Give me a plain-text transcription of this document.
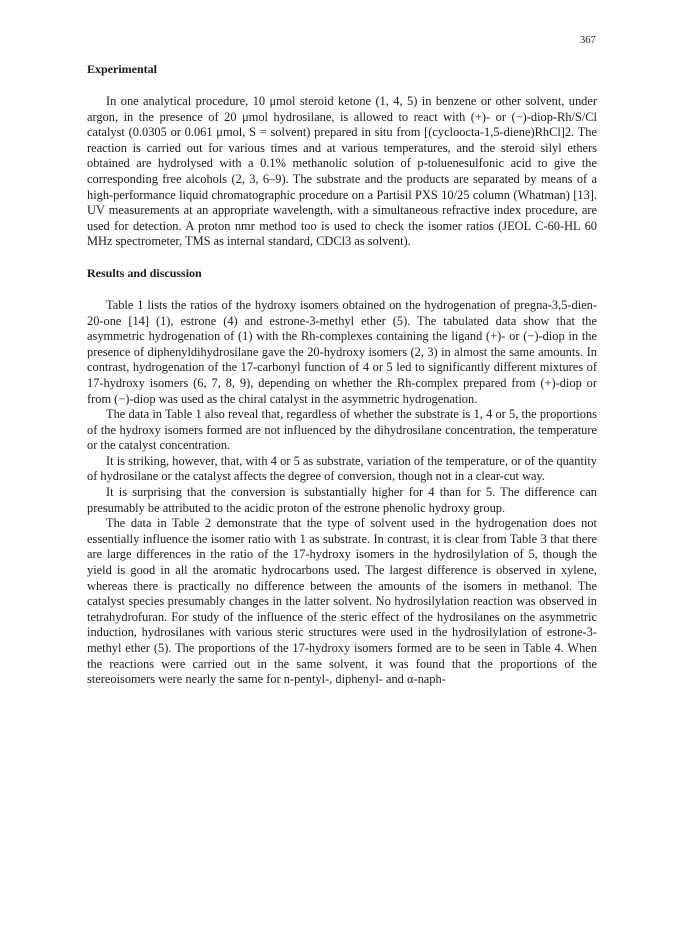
367
Experimental

In one analytical procedure, 10 μmol steroid ketone (1, 4, 5) in benzene or other solvent, under argon, in the presence of 20 μmol hydrosilane, is allowed to react with (+)- or (−)-diop-Rh/S/Cl catalyst (0.0305 or 0.061 μmol, S = solvent) prepared in situ from [(cycloocta-1,5-diene)RhCl]2. The reaction is carried out for various times and at various temperatures, and the steroid silyl ethers obtained are hydrolysed with a 0.1% methanolic solution of p-toluenesulfonic acid to give the corresponding free alcohols (2, 3, 6–9). The substrate and the products are separated by means of a high-performance liquid chromatographic procedure on a Partisil PXS 10/25 column (Whatman) [13]. UV measurements at an appropriate wavelength, with a simultaneous refractive index procedure, are used for detection. A proton nmr method too is used to check the isomer ratios (JEOL C-60-HL 60 MHz spectrometer, TMS as internal standard, CDCl3 as solvent).

Results and discussion

Table 1 lists the ratios of the hydroxy isomers obtained on the hydrogenation of pregna-3,5-dien-20-one [14] (1), estrone (4) and estrone-3-methyl ether (5). The tabulated data show that the asymmetric hydrogenation of (1) with the Rh-complexes containing the ligand (+)- or (−)-diop in the presence of diphenyldihydrosilane gave the 20-hydroxy isomers (2, 3) in almost the same amounts. In contrast, hydrogenation of the 17-carbonyl function of 4 or 5 led to significantly different mixtures of 17-hydroxy isomers (6, 7, 8, 9), depending on whether the Rh-complex prepared from (+)-diop or from (−)-diop was used as the chiral catalyst in the asymmetric hydrogenation.

The data in Table 1 also reveal that, regardless of whether the substrate is 1, 4 or 5, the proportions of the hydroxy isomers formed are not influenced by the dihydrosilane concentration, the temperature or the catalyst concentration.

It is striking, however, that, with 4 or 5 as substrate, variation of the temperature, or of the quantity of hydrosilane or the catalyst affects the degree of conversion, though not in a clear-cut way.

It is surprising that the conversion is substantially higher for 4 than for 5. The difference can presumably be attributed to the acidic proton of the estrone phenolic hydroxy group.

The data in Table 2 demonstrate that the type of solvent used in the hydrogenation does not essentially influence the isomer ratio with 1 as substrate. In contrast, it is clear from Table 3 that there are large differences in the ratio of the 17-hydroxy isomers in the hydrosilylation of 5, though the yield is good in all the aromatic hydrocarbons used. The largest difference is observed in xylene, whereas there is practically no difference between the amounts of the isomers in methanol. The catalyst species presumably changes in the latter solvent. No hydrosilylation reaction was observed in tetrahydrofuran. For study of the influence of the steric effect of the hydrosilanes on the asymmetric induction, hydrosilanes with various steric structures were used in the hydrosilylation of estrone-3-methyl ether (5). The proportions of the 17-hydroxy isomers formed are to be seen in Table 4. When the reactions were carried out in the same solvent, it was found that the proportions of the stereoisomers were nearly the same for n-pentyl-, diphenyl- and α-naph-
